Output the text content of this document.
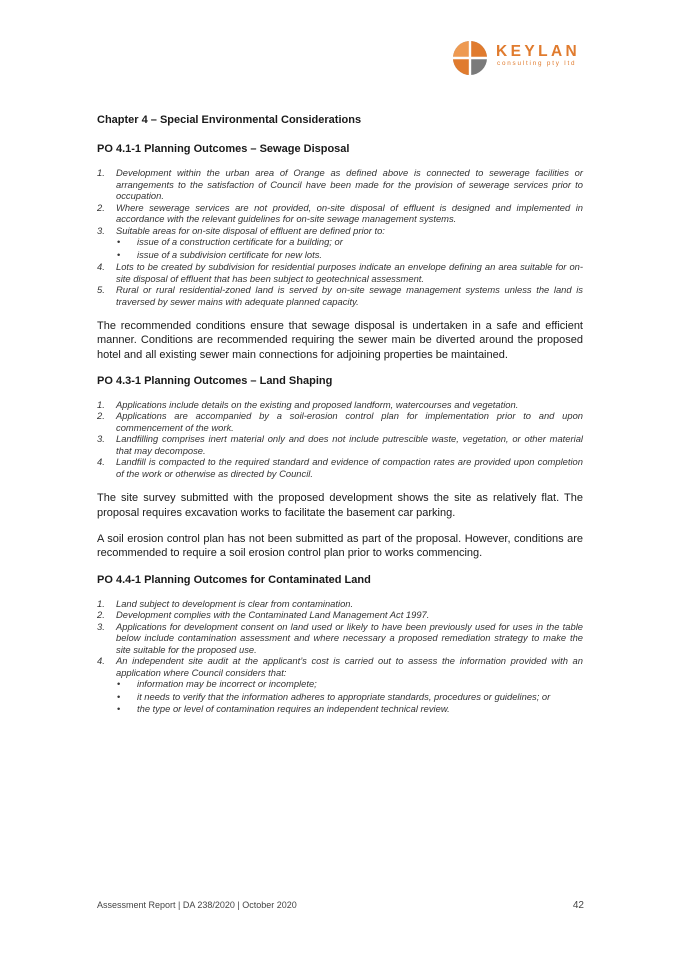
KEYLAN
consulting pty ltd
Chapter 4 – Special Environmental Considerations
PO 4.1-1 Planning Outcomes – Sewage Disposal
1. Development within the urban area of Orange as defined above is connected to sewerage facilities or arrangements to the satisfaction of Council have been made for the provision of sewerage services prior to occupation.
2. Where sewerage services are not provided, on-site disposal of effluent is designed and implemented in accordance with the relevant guidelines for on-site sewage management systems.
3. Suitable areas for on-site disposal of effluent are defined prior to:
• issue of a construction certificate for a building; or
• issue of a subdivision certificate for new lots.
4. Lots to be created by subdivision for residential purposes indicate an envelope defining an area suitable for on-site disposal of effluent that has been subject to geotechnical assessment.
5. Rural or rural residential-zoned land is served by on-site sewage management systems unless the land is traversed by sewer mains with adequate planned capacity.

The recommended conditions ensure that sewage disposal is undertaken in a safe and efficient manner. Conditions are recommended requiring the sewer main be diverted around the proposed hotel and all existing sewer main connections for adjoining properties be maintained.

PO 4.3-1 Planning Outcomes – Land Shaping
1. Applications include details on the existing and proposed landform, watercourses and vegetation.
2. Applications are accompanied by a soil-erosion control plan for implementation prior to and upon commencement of the work.
3. Landfilling comprises inert material only and does not include putrescible waste, vegetation, or other material that may decompose.
4. Landfill is compacted to the required standard and evidence of compaction rates are provided upon completion of the work or otherwise as directed by Council.

The site survey submitted with the proposed development shows the site as relatively flat. The proposal requires excavation works to facilitate the basement car parking.

A soil erosion control plan has not been submitted as part of the proposal. However, conditions are recommended to require a soil erosion control plan prior to works commencing.

PO 4.4-1 Planning Outcomes for Contaminated Land
1. Land subject to development is clear from contamination.
2. Development complies with the Contaminated Land Management Act 1997.
3. Applications for development consent on land used or likely to have been previously used for uses in the table below include contamination assessment and where necessary a proposed remediation strategy to make the site suitable for the proposed use.
4. An independent site audit at the applicant’s cost is carried out to assess the information provided with an application where Council considers that:
• information may be incorrect or incomplete;
• it needs to verify that the information adheres to appropriate standards, procedures or guidelines; or
• the type or level of contamination requires an independent technical review.
Assessment Report | DA 238/2020 | October 2020	42
